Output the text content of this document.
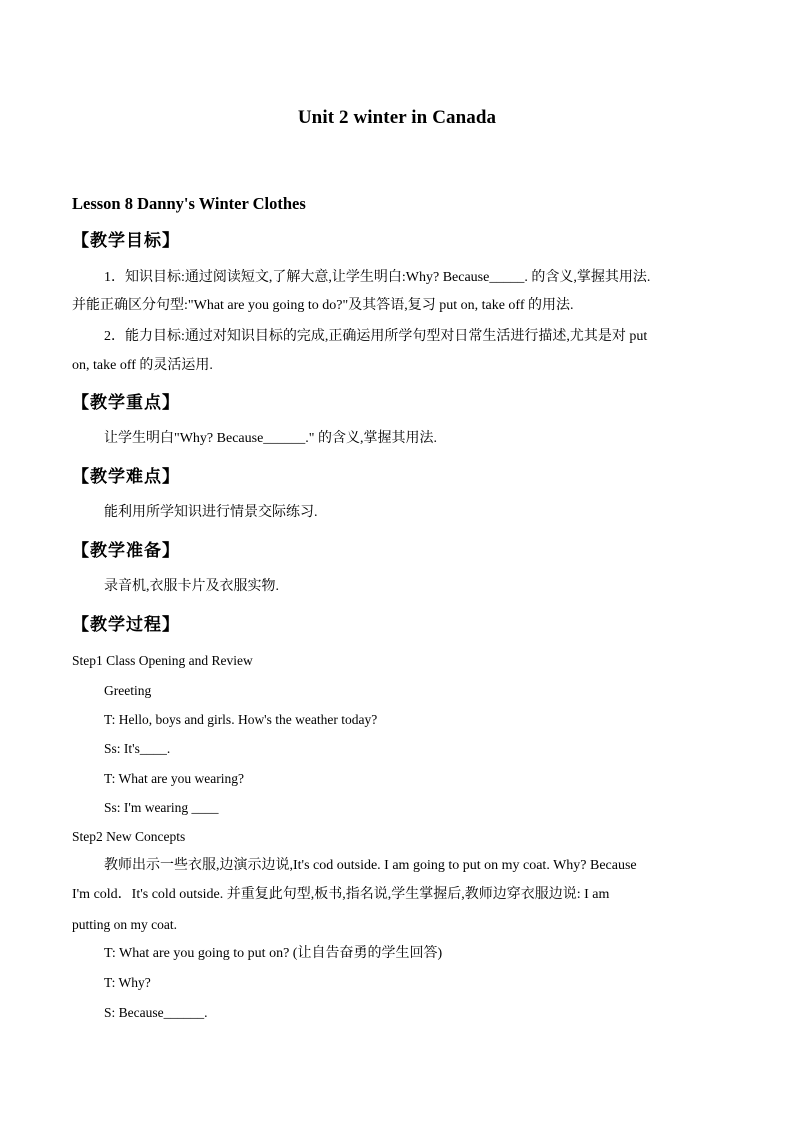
Unit 2 winter in Canada
Lesson 8 Danny's Winter Clothes
【教学目标】
1．知识目标:通过阅读短文,了解大意,让学生明白:Why? Because_____. 的含义,掌握其用法.
并能正确区分句型:"What are you going to do?"及其答语,复习 put on, take off 的用法.
2．能力目标:通过对知识目标的完成,正确运用所学句型对日常生活进行描述,尤其是对 put
on, take off 的灵活运用.
【教学重点】
让学生明白"Why? Because______." 的含义,掌握其用法.
【教学难点】
能利用所学知识进行情景交际练习.
【教学准备】
录音机,衣服卡片及衣服实物.
【教学过程】
Step1 Class Opening and Review
Greeting
T: Hello, boys and girls. How's the weather today?
Ss: It's____.
T: What are you wearing?
Ss: I'm wearing ____
Step2 New Concepts
教师出示一些衣服,边演示边说,It's cod outside. I am going to put on my coat. Why? Because
I'm cold．It's cold outside. 并重复此句型,板书,指名说,学生掌握后,教师边穿衣服边说: I am
putting on my coat.
T: What are you going to put on? (让自告奋勇的学生回答)
T: Why?
S: Because______.
